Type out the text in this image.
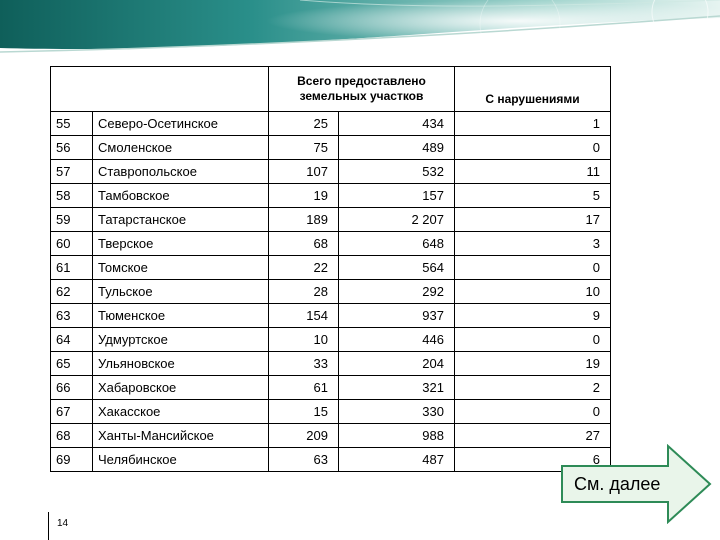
		Всего предоставлено земельных участков		С нарушениями
55	Северо-Осетинское	25	434	1
56	Смоленское	75	489	0
57	Ставропольское	107	532	11
58	Тамбовское	19	157	5
59	Татарстанское	189	2 207	17
60	Тверское	68	648	3
61	Томское	22	564	0
62	Тульское	28	292	10
63	Тюменское	154	937	9
64	Удмуртское	10	446	0
65	Ульяновское	33	204	19
66	Хабаровское	61	321	2
67	Хакасское	15	330	0
68	Ханты-Мансийское	209	988	27
69	Челябинское	63	487	6
См. далее
14
